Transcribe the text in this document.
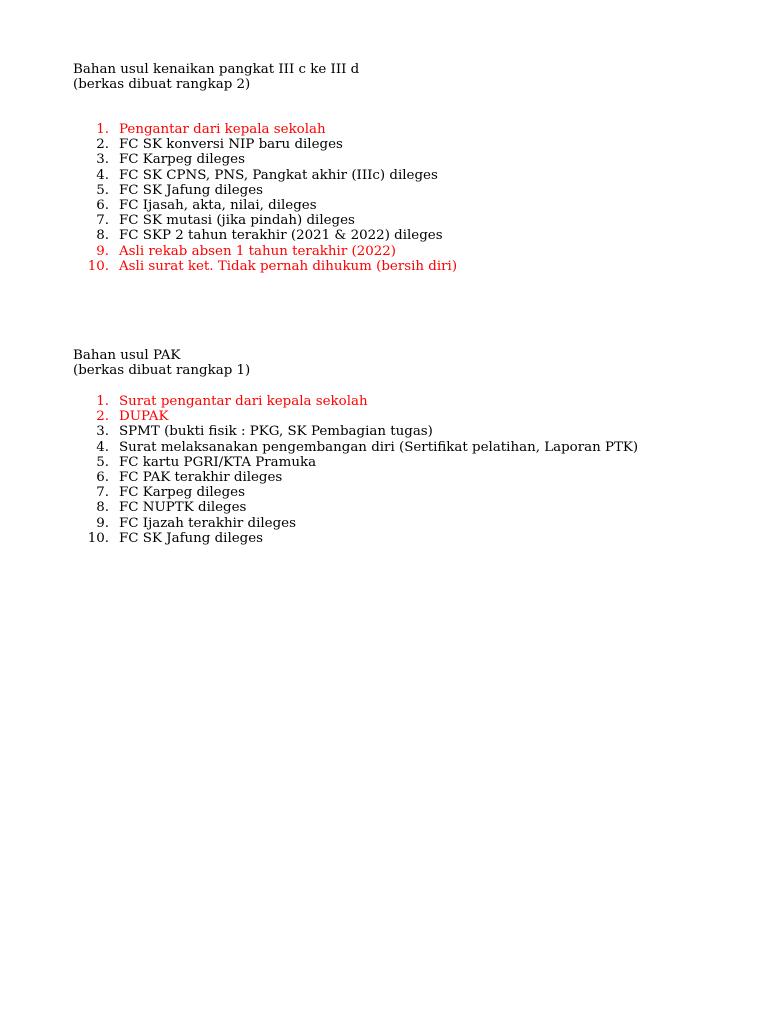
Bahan usul kenaikan pangkat III c ke III d
(berkas dibuat rangkap 2)
1. Pengantar dari kepala sekolah
2. FC SK konversi NIP baru dileges
3. FC Karpeg dileges
4. FC SK CPNS, PNS, Pangkat akhir (IIIc) dileges
5. FC SK Jafung dileges
6. FC Ijasah, akta, nilai, dileges
7. FC SK mutasi (jika pindah) dileges
8. FC SKP 2 tahun terakhir (2021 & 2022) dileges
9. Asli rekab absen 1 tahun terakhir (2022)
10. Asli surat ket. Tidak pernah dihukum (bersih diri)
Bahan usul PAK
(berkas dibuat rangkap 1)
1. Surat pengantar dari kepala sekolah
2. DUPAK
3. SPMT (bukti fisik : PKG, SK Pembagian tugas)
4. Surat melaksanakan pengembangan diri (Sertifikat pelatihan, Laporan PTK)
5. FC kartu PGRI/KTA Pramuka
6. FC PAK terakhir dileges
7. FC Karpeg dileges
8. FC NUPTK dileges
9. FC Ijazah terakhir dileges
10. FC SK Jafung dileges
